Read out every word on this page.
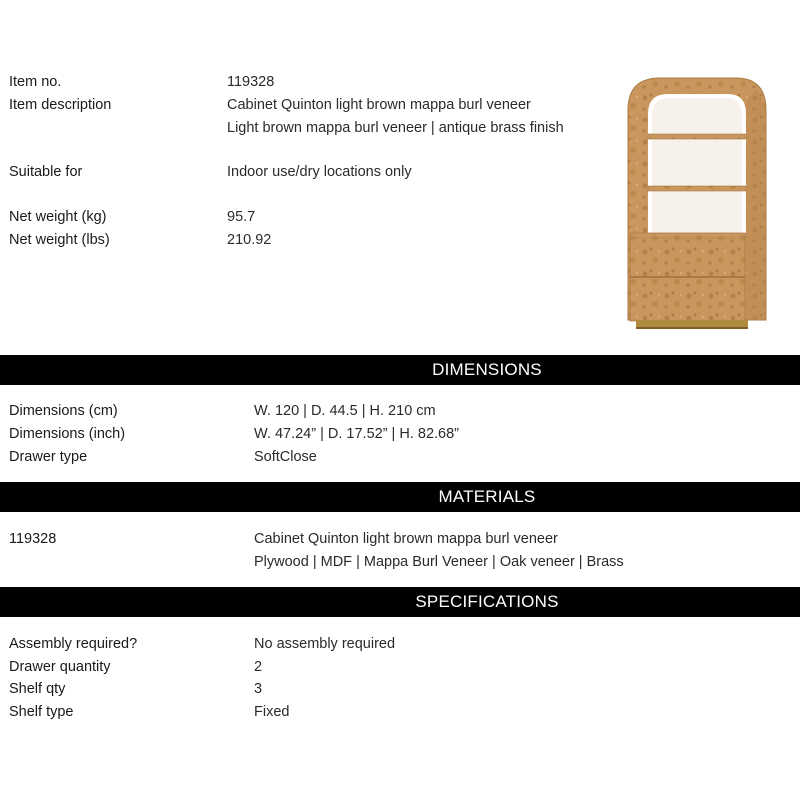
Item no.	119328
Item description	Cabinet Quinton light brown mappa burl veneer
Light brown mappa burl veneer | antique brass finish
Suitable for	Indoor use/dry locations only
Net weight (kg)	95.7
Net weight (lbs)	210.92
DIMENSIONS
Dimensions (cm)	W. 120 | D. 44.5 | H. 210 cm
Dimensions (inch)	W. 47.24” | D. 17.52” | H. 82.68”
Drawer type	SoftClose
MATERIALS
119328	Cabinet Quinton light brown mappa burl veneer
Plywood | MDF | Mappa Burl Veneer | Oak veneer | Brass
SPECIFICATIONS
Assembly required?	No assembly required
Drawer quantity	2
Shelf qty	3
Shelf type	Fixed
